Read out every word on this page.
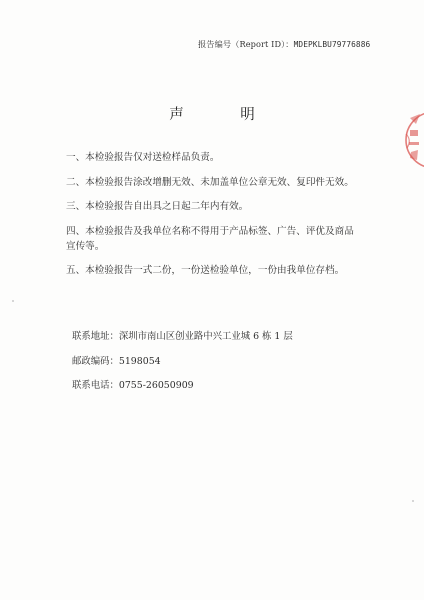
报告编号（Report ID）：MDEPKLBU79776886
声 明
一、本检验报告仅对送检样品负责。
二、本检验报告涂改增删无效、未加盖单位公章无效、复印件无效。
三、本检验报告自出具之日起二年内有效。
四、本检验报告及我单位名称不得用于产品标签、广告、评优及商品
宣传等。
五、本检验报告一式二份，一份送检验单位，一份由我单位存档。
联系地址：深圳市南山区创业路中兴工业城 6 栋 1 层
邮政编码：5198054
联系电话：0755-26050909
